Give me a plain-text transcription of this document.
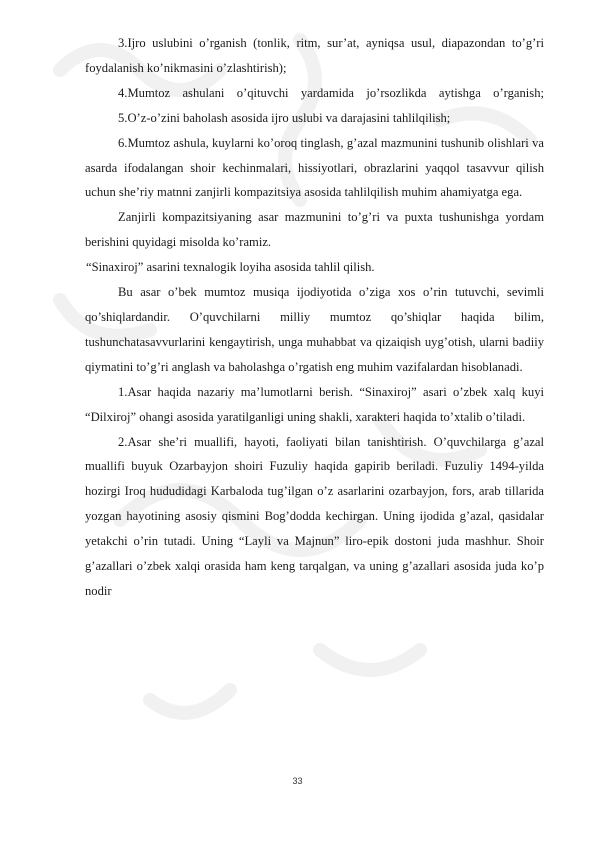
3.Ijro uslubini o’rganish (tonlik, ritm, sur’at, ayniqsa usul, diapazondan to’g’ri foydalanish ko’nikmasini o’zlashtirish);

4.Mumtoz ashulani o’qituvchi yardamida jo’rsozlikda aytishga o’rganish;

5.O’z-o’zini baholash asosida ijro uslubi va darajasini tahlilqilish;

6.Mumtoz ashula, kuylarni ko’oroq tinglash, g’azal mazmunini tushunib olishlari va asarda ifodalangan shoir kechinmalari, hissiyotlari, obrazlarini yaqqol tasavvur qilish uchun she’riy matnni zanjirli kompazitsiya asosida tahlilqilish muhim ahamiyatga ega.

Zanjirli kompazitsiyaning asar mazmunini to’g’ri va puxta tushunishga yordam berishini quyidagi misolda ko’ramiz.

“Sinaxiroj” asarini texnalogik loyiha asosida tahlil qilish.

Bu asar o’bek mumtoz musiqa ijodiyotida o’ziga xos o’rin tutuvchi, sevimli qo’shiqlardandir. O’quvchilarni milliy mumtoz qo’shiqlar haqida bilim, tushunchatasavvurlarini kengaytirish, unga muhabbat va qizaiqish uyg’otish, ularni badiiy qiymatini to’g’ri anglash va baholashga o’rgatish eng muhim vazifalardan hisoblanadi.

1.Asar haqida nazariy ma’lumotlarni berish. “Sinaxiroj” asari o’zbek xalq kuyi “Dilxiroj” ohangi asosida yaratilganligi uning shakli, xarakteri haqida to’xtalib o’tiladi.

2.Asar she’ri muallifi, hayoti, faoliyati bilan tanishtirish. O’quvchilarga g’azal muallifi buyuk Ozarbayjon shoiri Fuzuliy haqida gapirib beriladi. Fuzuliy 1494-yilda hozirgi Iroq hududidagi Karbaloda tug’ilgan o’z asarlarini ozarbayjon, fors, arab tillarida yozgan hayotining asosiy qismini Bog’dodda kechirgan. Uning ijodida g’azal, qasidalar yetakchi o’rin tutadi. Uning “Layli va Majnun” liro-epik dostoni juda mashhur. Shoir g’azallari o’zbek xalqi orasida ham keng tarqalgan, va uning g’azallari asosida juda ko’p nodir

33
